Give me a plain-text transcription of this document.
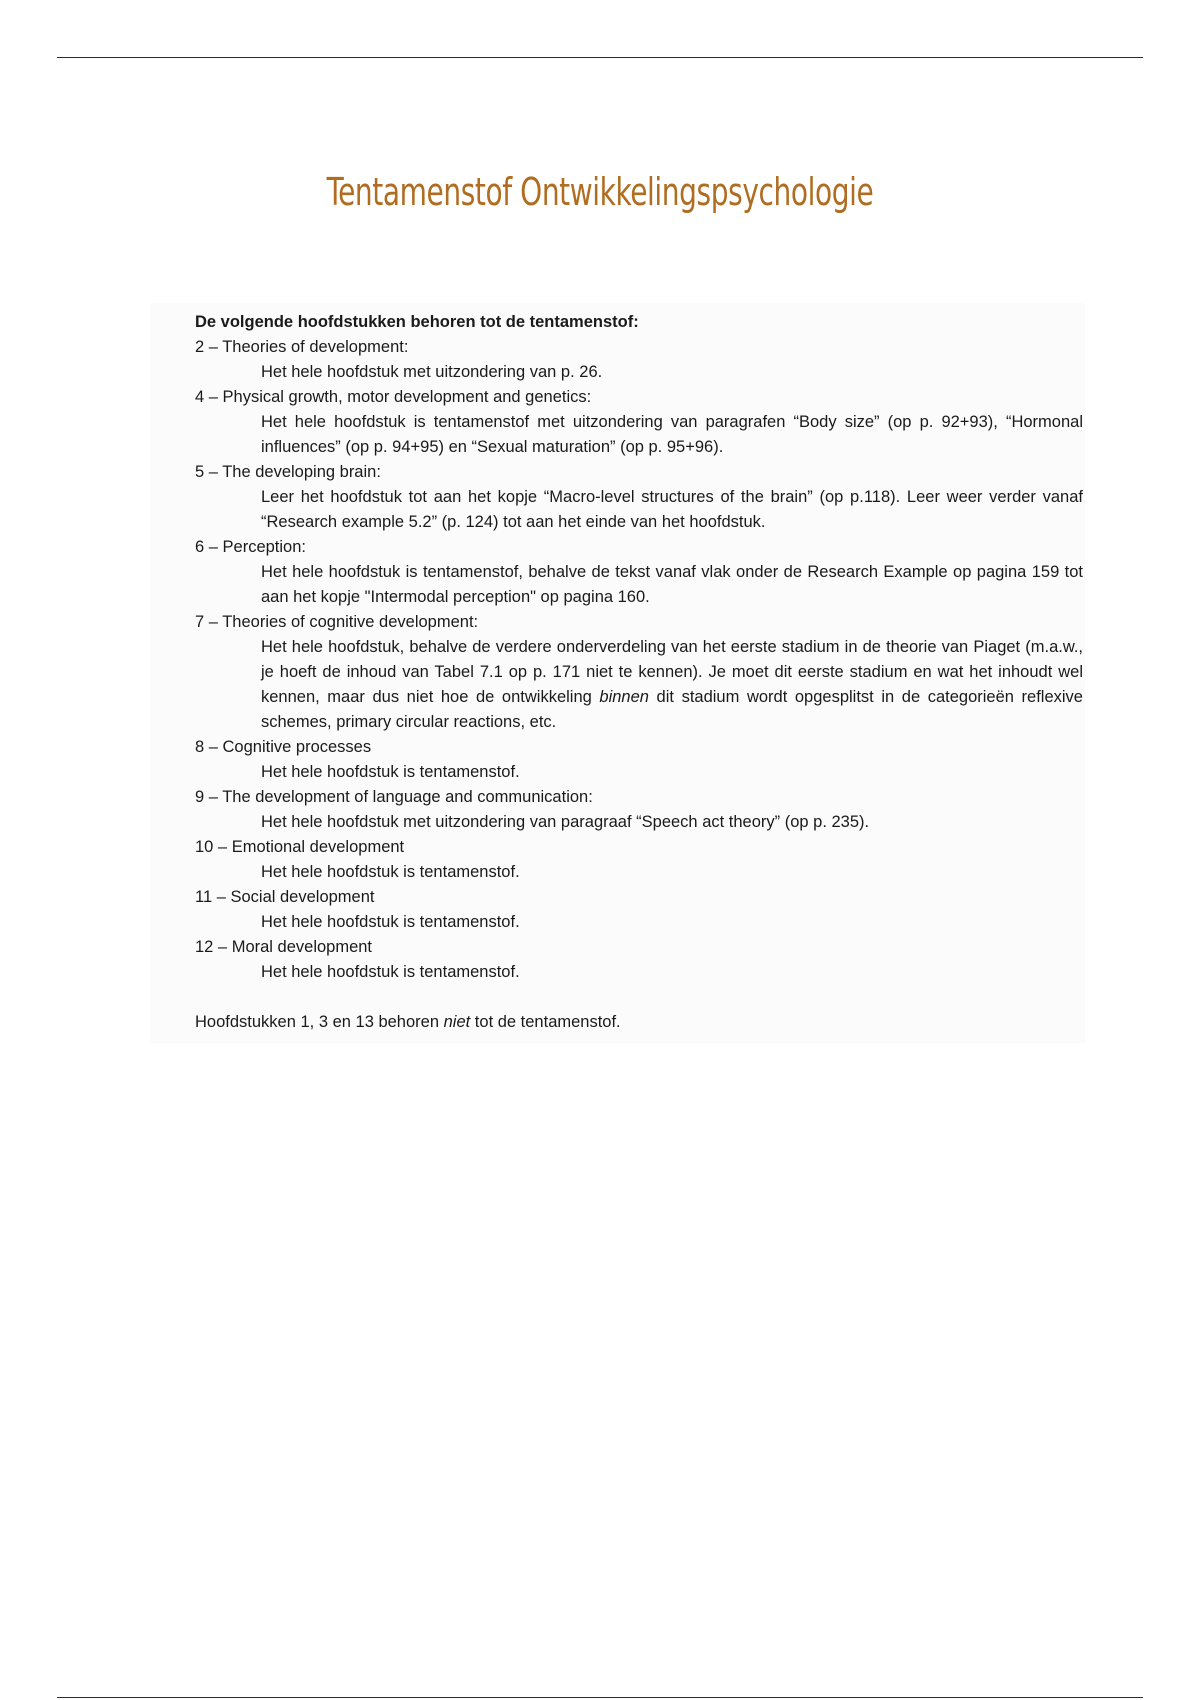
Tentamenstof Ontwikkelingspsychologie
De volgende hoofdstukken behoren tot de tentamenstof:
2 – Theories of development:
Het hele hoofdstuk met uitzondering van p. 26.
4 – Physical growth, motor development and genetics:
Het hele hoofdstuk is tentamenstof met uitzondering van paragrafen “Body size” (op p. 92+93), “Hormonal influences” (op p. 94+95) en “Sexual maturation” (op p. 95+96).
5 – The developing brain:
Leer het hoofdstuk tot aan het kopje “Macro-level structures of the brain” (op p.118). Leer weer verder vanaf “Research example 5.2” (p. 124) tot aan het einde van het hoofdstuk.
6 – Perception:
Het hele hoofdstuk is tentamenstof, behalve de tekst vanaf vlak onder de Research Example op pagina 159 tot aan het kopje "Intermodal perception" op pagina 160.
7 – Theories of cognitive development:
Het hele hoofdstuk, behalve de verdere onderverdeling van het eerste stadium in de theorie van Piaget (m.a.w., je hoeft de inhoud van Tabel 7.1 op p. 171 niet te kennen). Je moet dit eerste stadium en wat het inhoudt wel kennen, maar dus niet hoe de ontwikkeling binnen dit stadium wordt opgesplitst in de categorieën reflexive schemes, primary circular reactions, etc.
8 – Cognitive processes
Het hele hoofdstuk is tentamenstof.
9 – The development of language and communication:
Het hele hoofdstuk met uitzondering van paragraaf “Speech act theory” (op p. 235).
10 – Emotional development
Het hele hoofdstuk is tentamenstof.
11 – Social development
Het hele hoofdstuk is tentamenstof.
12 – Moral development
Het hele hoofdstuk is tentamenstof.
Hoofdstukken 1, 3 en 13 behoren niet tot de tentamenstof.
